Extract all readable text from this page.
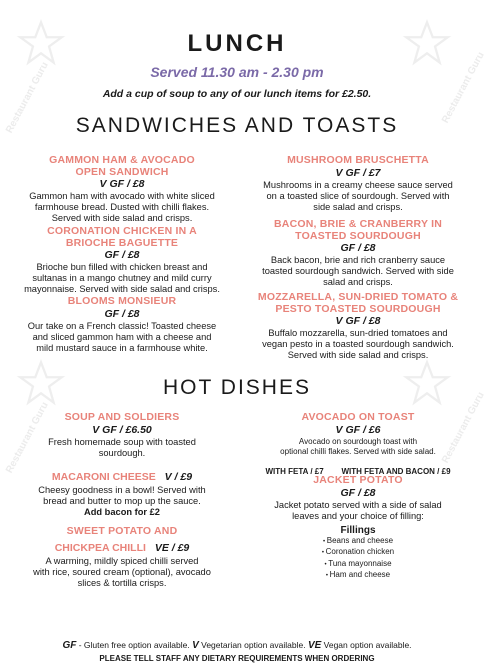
Restaurant Guru	Restaurant Guru
Restaurant Guru	Restaurant Guru
LUNCH
Served 11.30 am - 2.30 pm
Add a cup of soup to any of our lunch items for £2.50.
SANDWICHES AND TOASTS
GAMMON HAM & AVOCADO
OPEN SANDWICH
V GF / £8
Gammon ham with avocado with white sliced
farmhouse bread. Dusted with chilli flakes.
Served with side salad and crisps.
CORONATION CHICKEN IN A
BRIOCHE BAGUETTE
GF / £8
Brioche bun filled with chicken breast and
sultanas in a mango chutney and mild curry
mayonnaise. Served with side salad and crisps.
BLOOMS MONSIEUR
GF / £8
Our take on a French classic! Toasted cheese
and sliced gammon ham with a cheese and
mild mustard sauce in a farmhouse white.
MUSHROOM BRUSCHETTA
V GF / £7
Mushrooms in a creamy cheese sauce served
on a toasted slice of sourdough. Served with
side salad and crisps.
BACON, BRIE & CRANBERRY IN
TOASTED SOURDOUGH
GF / £8
Back bacon, brie and rich cranberry sauce
toasted sourdough sandwich. Served with side
salad and crisps.
MOZZARELLA, SUN-DRIED TOMATO &
PESTO TOASTED SOURDOUGH
V GF / £8
Buffalo mozzarella, sun-dried tomatoes and
vegan pesto in a toasted sourdough sandwich.
Served with side salad and crisps.
HOT DISHES
SOUP AND SOLDIERS
V GF / £6.50
Fresh homemade soup with toasted
sourdough.
MACARONI CHEESE V / £9
Cheesy goodness in a bowl! Served with
bread and butter to mop up the sauce.
Add bacon for £2
SWEET POTATO AND
CHICKPEA CHILLI VE / £9
A warming, mildly spiced chilli served
with rice, soured cream (optional), avocado
slices & tortilla crisps.
AVOCADO ON TOAST
V GF / £6
Avocado on sourdough toast with
optional chilli flakes. Served with side salad.
WITH FETA / £7 WITH FETA AND BACON / £9
JACKET POTATO
GF / £8
Jacket potato served with a side of salad
leaves and your choice of filling:
Fillings
• Beans and cheese
• Coronation chicken
• Tuna mayonnaise
• Ham and cheese
GF - Gluten free option available. V Vegetarian option available. VE Vegan option available.
PLEASE TELL STAFF ANY DIETARY REQUIREMENTS WHEN ORDERING
